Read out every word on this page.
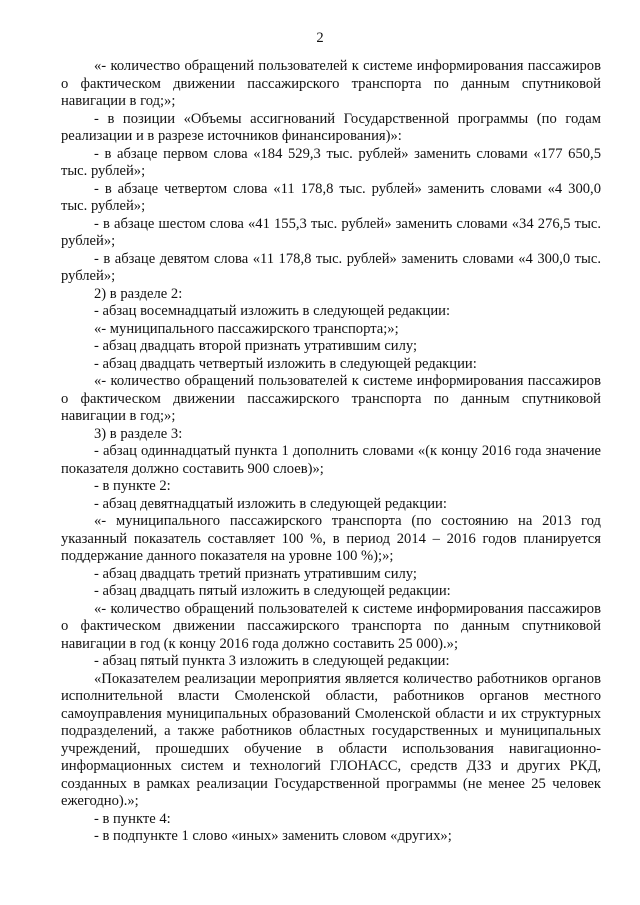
2

«- количество обращений пользователей к системе информирования пассажиров о фактическом движении пассажирского транспорта по данным спутниковой навигации в год;»;

- в позиции «Объемы ассигнований Государственной программы (по годам реализации и в разрезе источников финансирования)»:

- в абзаце первом слова «184 529,3 тыс. рублей» заменить словами «177 650,5 тыс. рублей»;

- в абзаце четвертом слова «11 178,8 тыс. рублей» заменить словами «4 300,0 тыс. рублей»;

- в абзаце шестом слова «41 155,3 тыс. рублей» заменить словами «34 276,5 тыс. рублей»;

- в абзаце девятом слова «11 178,8 тыс. рублей» заменить словами «4 300,0 тыс. рублей»;

2) в разделе 2:

- абзац восемнадцатый изложить в следующей редакции:

«- муниципального пассажирского транспорта;»;

- абзац двадцать второй признать утратившим силу;

- абзац двадцать четвертый изложить в следующей редакции:

«- количество обращений пользователей к системе информирования пассажиров о фактическом движении пассажирского транспорта по данным спутниковой навигации в год;»;

3) в разделе 3:

- абзац одиннадцатый пункта 1 дополнить словами «(к концу 2016 года значение показателя должно составить 900 слоев)»;

- в пункте 2:

- абзац девятнадцатый изложить в следующей редакции:

«- муниципального пассажирского транспорта (по состоянию на 2013 год указанный показатель составляет 100 %, в период 2014 – 2016 годов планируется поддержание данного показателя на уровне 100 %);»;

- абзац двадцать третий признать утратившим силу;

- абзац двадцать пятый изложить в следующей редакции:

«- количество обращений пользователей к системе информирования пассажиров о фактическом движении пассажирского транспорта по данным спутниковой навигации в год (к концу 2016 года должно составить 25 000).»;

- абзац пятый пункта 3 изложить в следующей редакции:

«Показателем реализации мероприятия является количество работников органов исполнительной власти Смоленской области, работников органов местного самоуправления муниципальных образований Смоленской области и их структурных подразделений, а также работников областных государственных и муниципальных учреждений, прошедших обучение в области использования навигационно-информационных систем и технологий ГЛОНАСС, средств ДЗЗ и других РКД, созданных в рамках реализации Государственной программы (не менее 25 человек ежегодно).»;

- в пункте 4:

- в подпункте 1 слово «иных» заменить словом «других»;
